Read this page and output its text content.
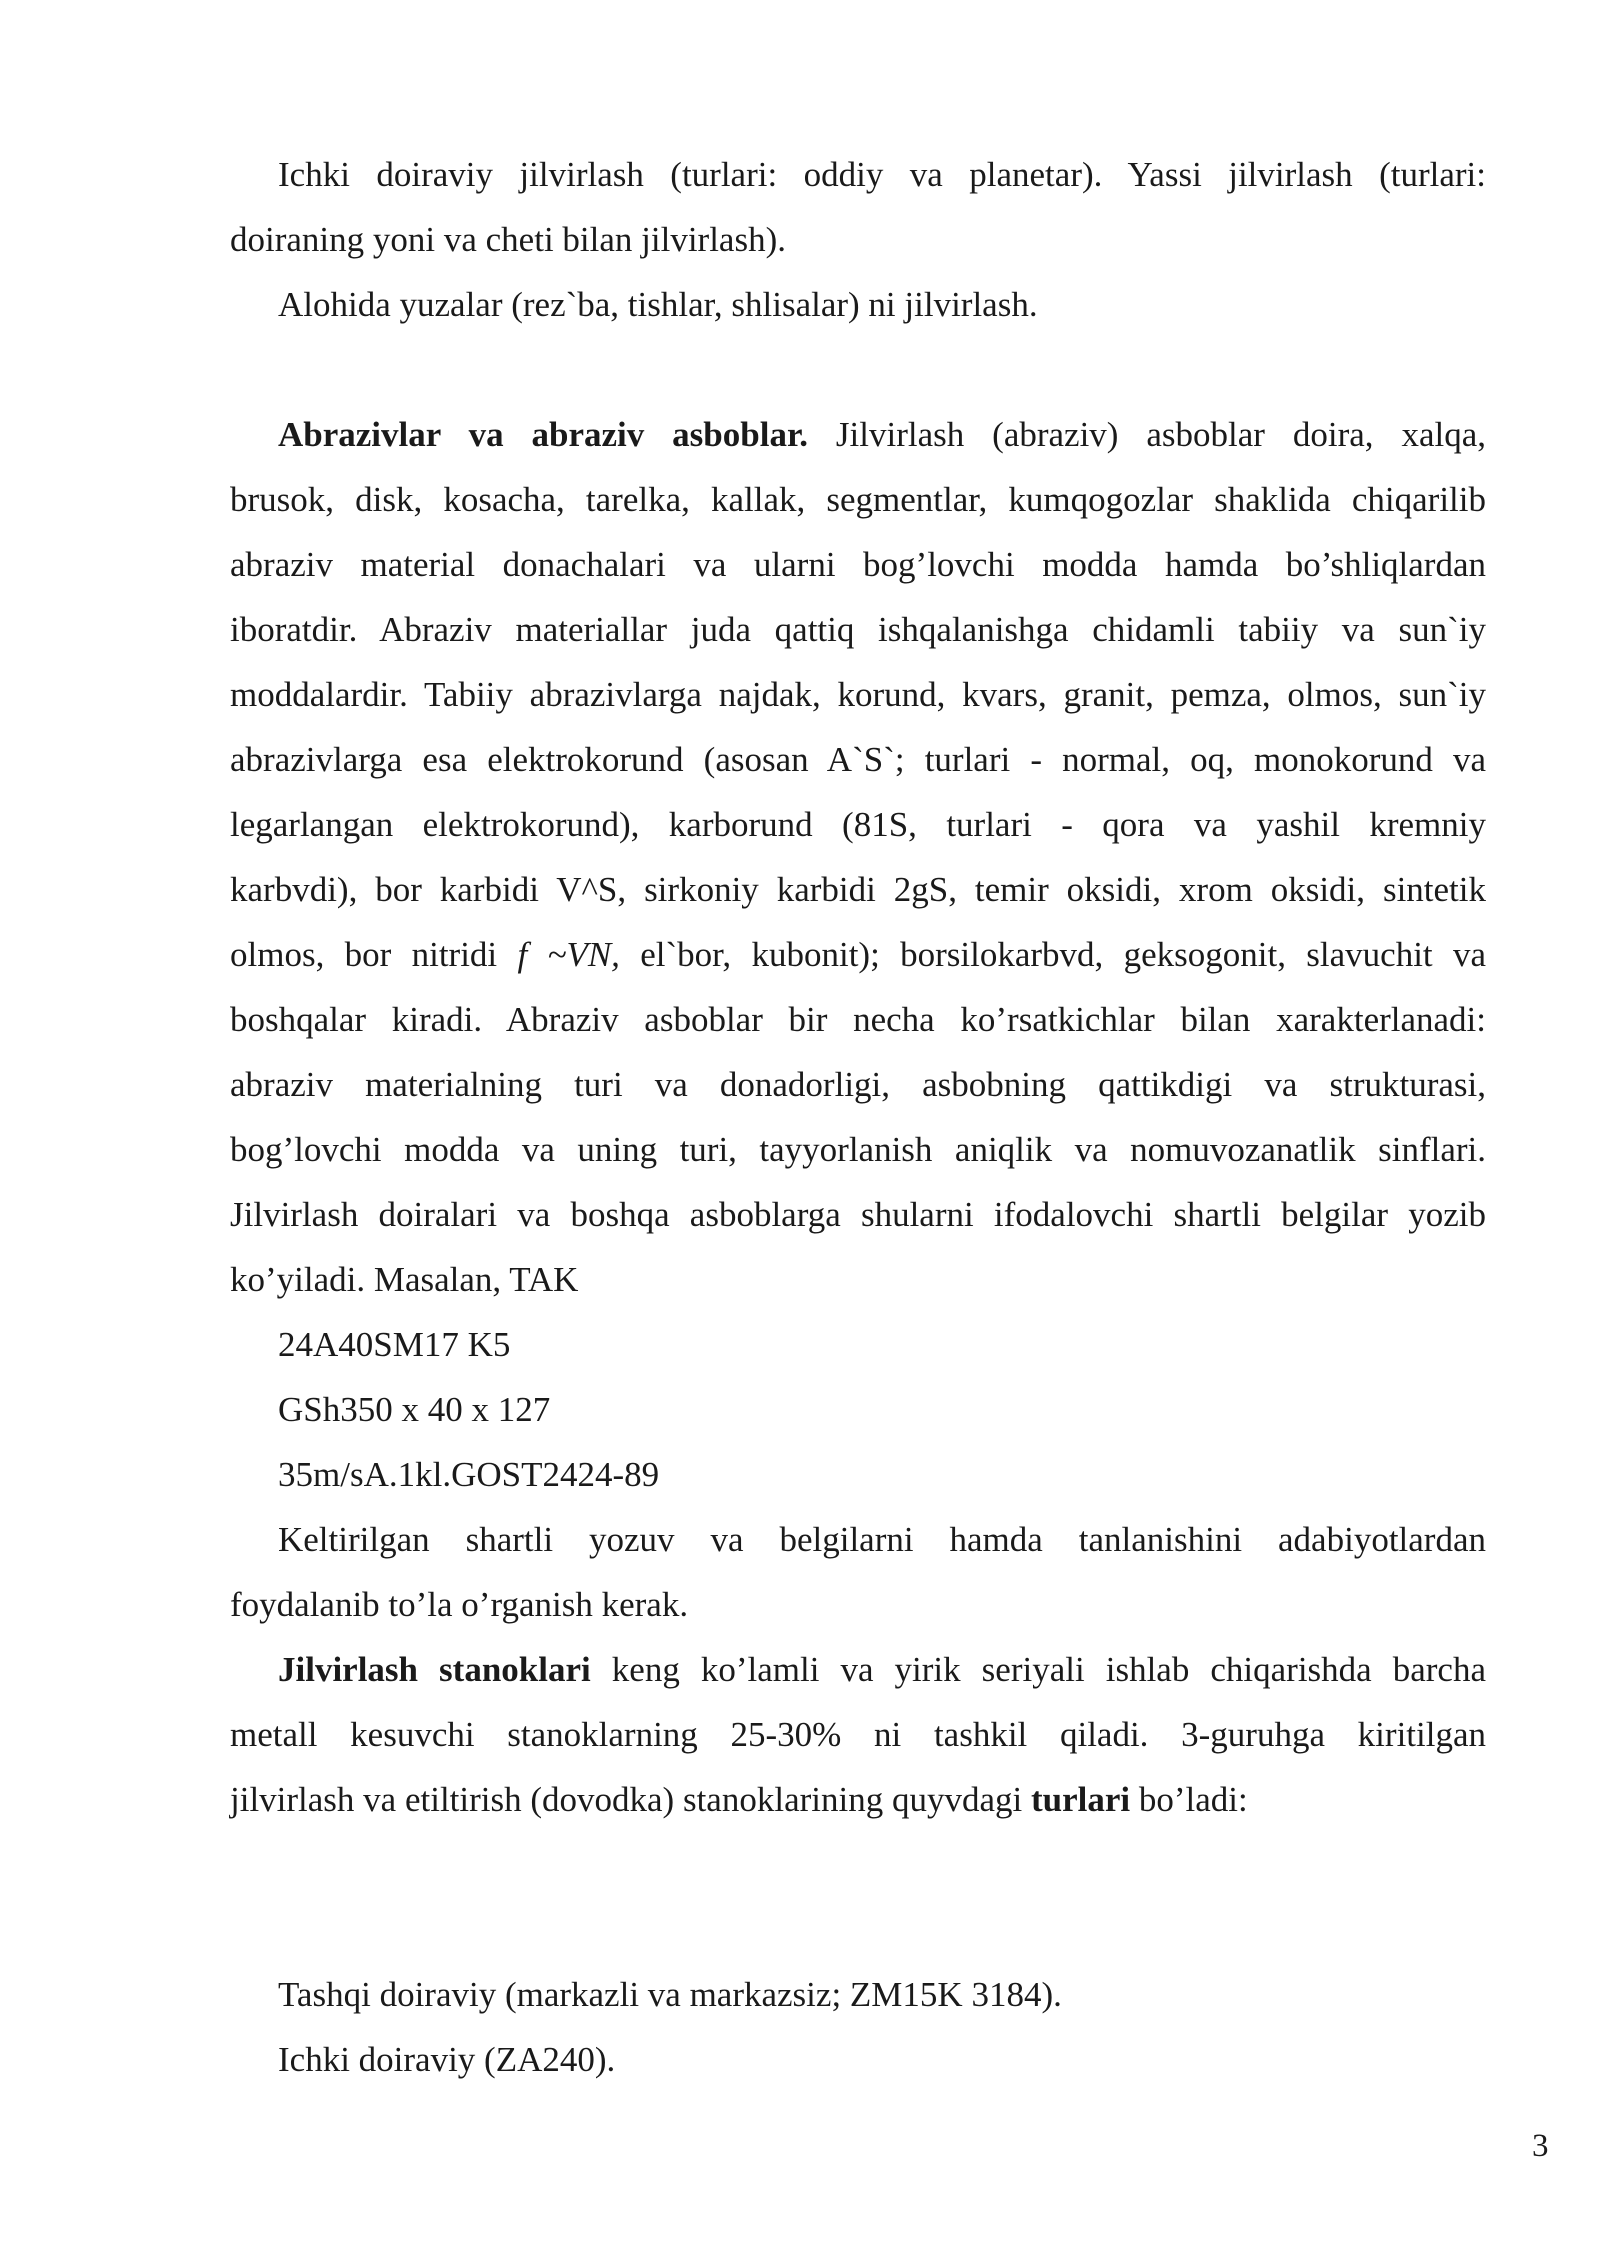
Ichki doiraviy jilvirlash (turlari: oddiy va planetar). Yassi jilvirlash (turlari:
doiraning yoni va cheti bilan jilvirlash).
Alohida yuzalar (rez`ba, tishlar, shlisalar) ni jilvirlash.
Abrazivlar va abraziv asboblar. Jilvirlash (abraziv) asboblar doira, xalqa,
brusok, disk, kosacha, tarelka, kallak, segmentlar, kumqogozlar shaklida chiqarilib
abraziv material donachalari va ularni bog’lovchi modda hamda bo’shliqlardan
iboratdir. Abraziv materiallar juda qattiq ishqalanishga chidamli tabiiy va sun`iy
moddalardir. Tabiiy abrazivlarga najdak, korund, kvars, granit, pemza, olmos, sun`iy
abrazivlarga esa elektrokorund (asosan A`S`; turlari - normal, oq, monokorund va
legarlangan elektrokorund), karborund (81S, turlari - qora va yashil kremniy
karbvdi), bor karbidi V^S, sirkoniy karbidi 2gS, temir oksidi, xrom oksidi, sintetik
olmos, bor nitridi f ~VN, el`bor, kubonit); borsilokarbvd, geksogonit, slavuchit va
boshqalar kiradi. Abraziv asboblar bir necha ko’rsatkichlar bilan xarakterlanadi:
abraziv materialning turi va donadorligi, asbobning qattikdigi va strukturasi,
bog’lovchi modda va uning turi, tayyorlanish aniqlik va nomuvozanatlik sinflari.
Jilvirlash doiralari va boshqa asboblarga shularni ifodalovchi shartli belgilar yozib
ko’yiladi. Masalan, TAK
24A40SM17 K5
GSh350 x 40 x 127
35m/sA.1kl.GOST2424-89
Keltirilgan shartli yozuv va belgilarni hamda tanlanishini adabiyotlardan
foydalanib to’la o’rganish kerak.
Jilvirlash stanoklari keng ko’lamli va yirik seriyali ishlab chiqarishda barcha
metall kesuvchi stanoklarning 25-30% ni tashkil qiladi. 3-guruhga kiritilgan
jilvirlash va etiltirish (dovodka) stanoklarining quyvdagi turlari bo’ladi:
Tashqi doiraviy (markazli va markazsiz; ZM15K 3184).
Ichki doiraviy (ZA240).
3
